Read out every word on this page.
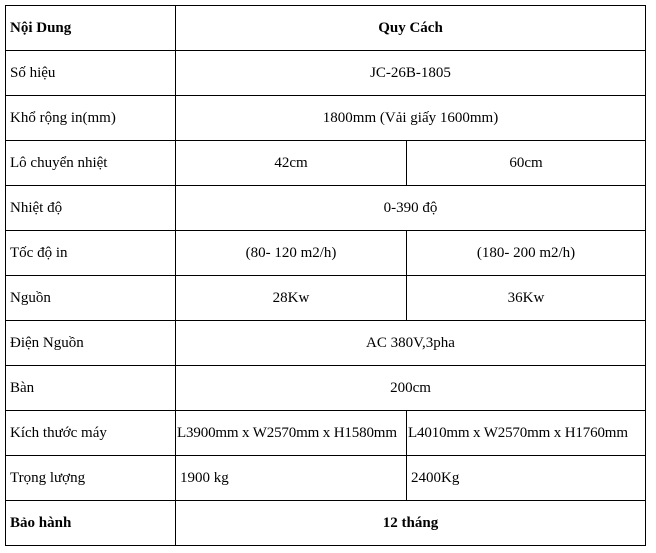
Nội Dung	Quy Cách	
Số hiệu	JC-26B-1805	
Khổ rộng in(mm)	1800mm (Vải giấy 1600mm)	
Lô chuyển nhiệt	42cm	60cm
Nhiệt độ	0-390 độ	
Tốc độ in	(80- 120 m2/h)	(180- 200 m2/h)
Nguồn	28Kw	36Kw
Điện Nguồn	AC 380V,3pha	
Bàn	200cm	
Kích thước máy	L3900mm x W2570mm x H1580mm	L4010mm x W2570mm x H1760mm
Trọng lượng	1900 kg	2400Kg
Bảo hành	12 tháng	
